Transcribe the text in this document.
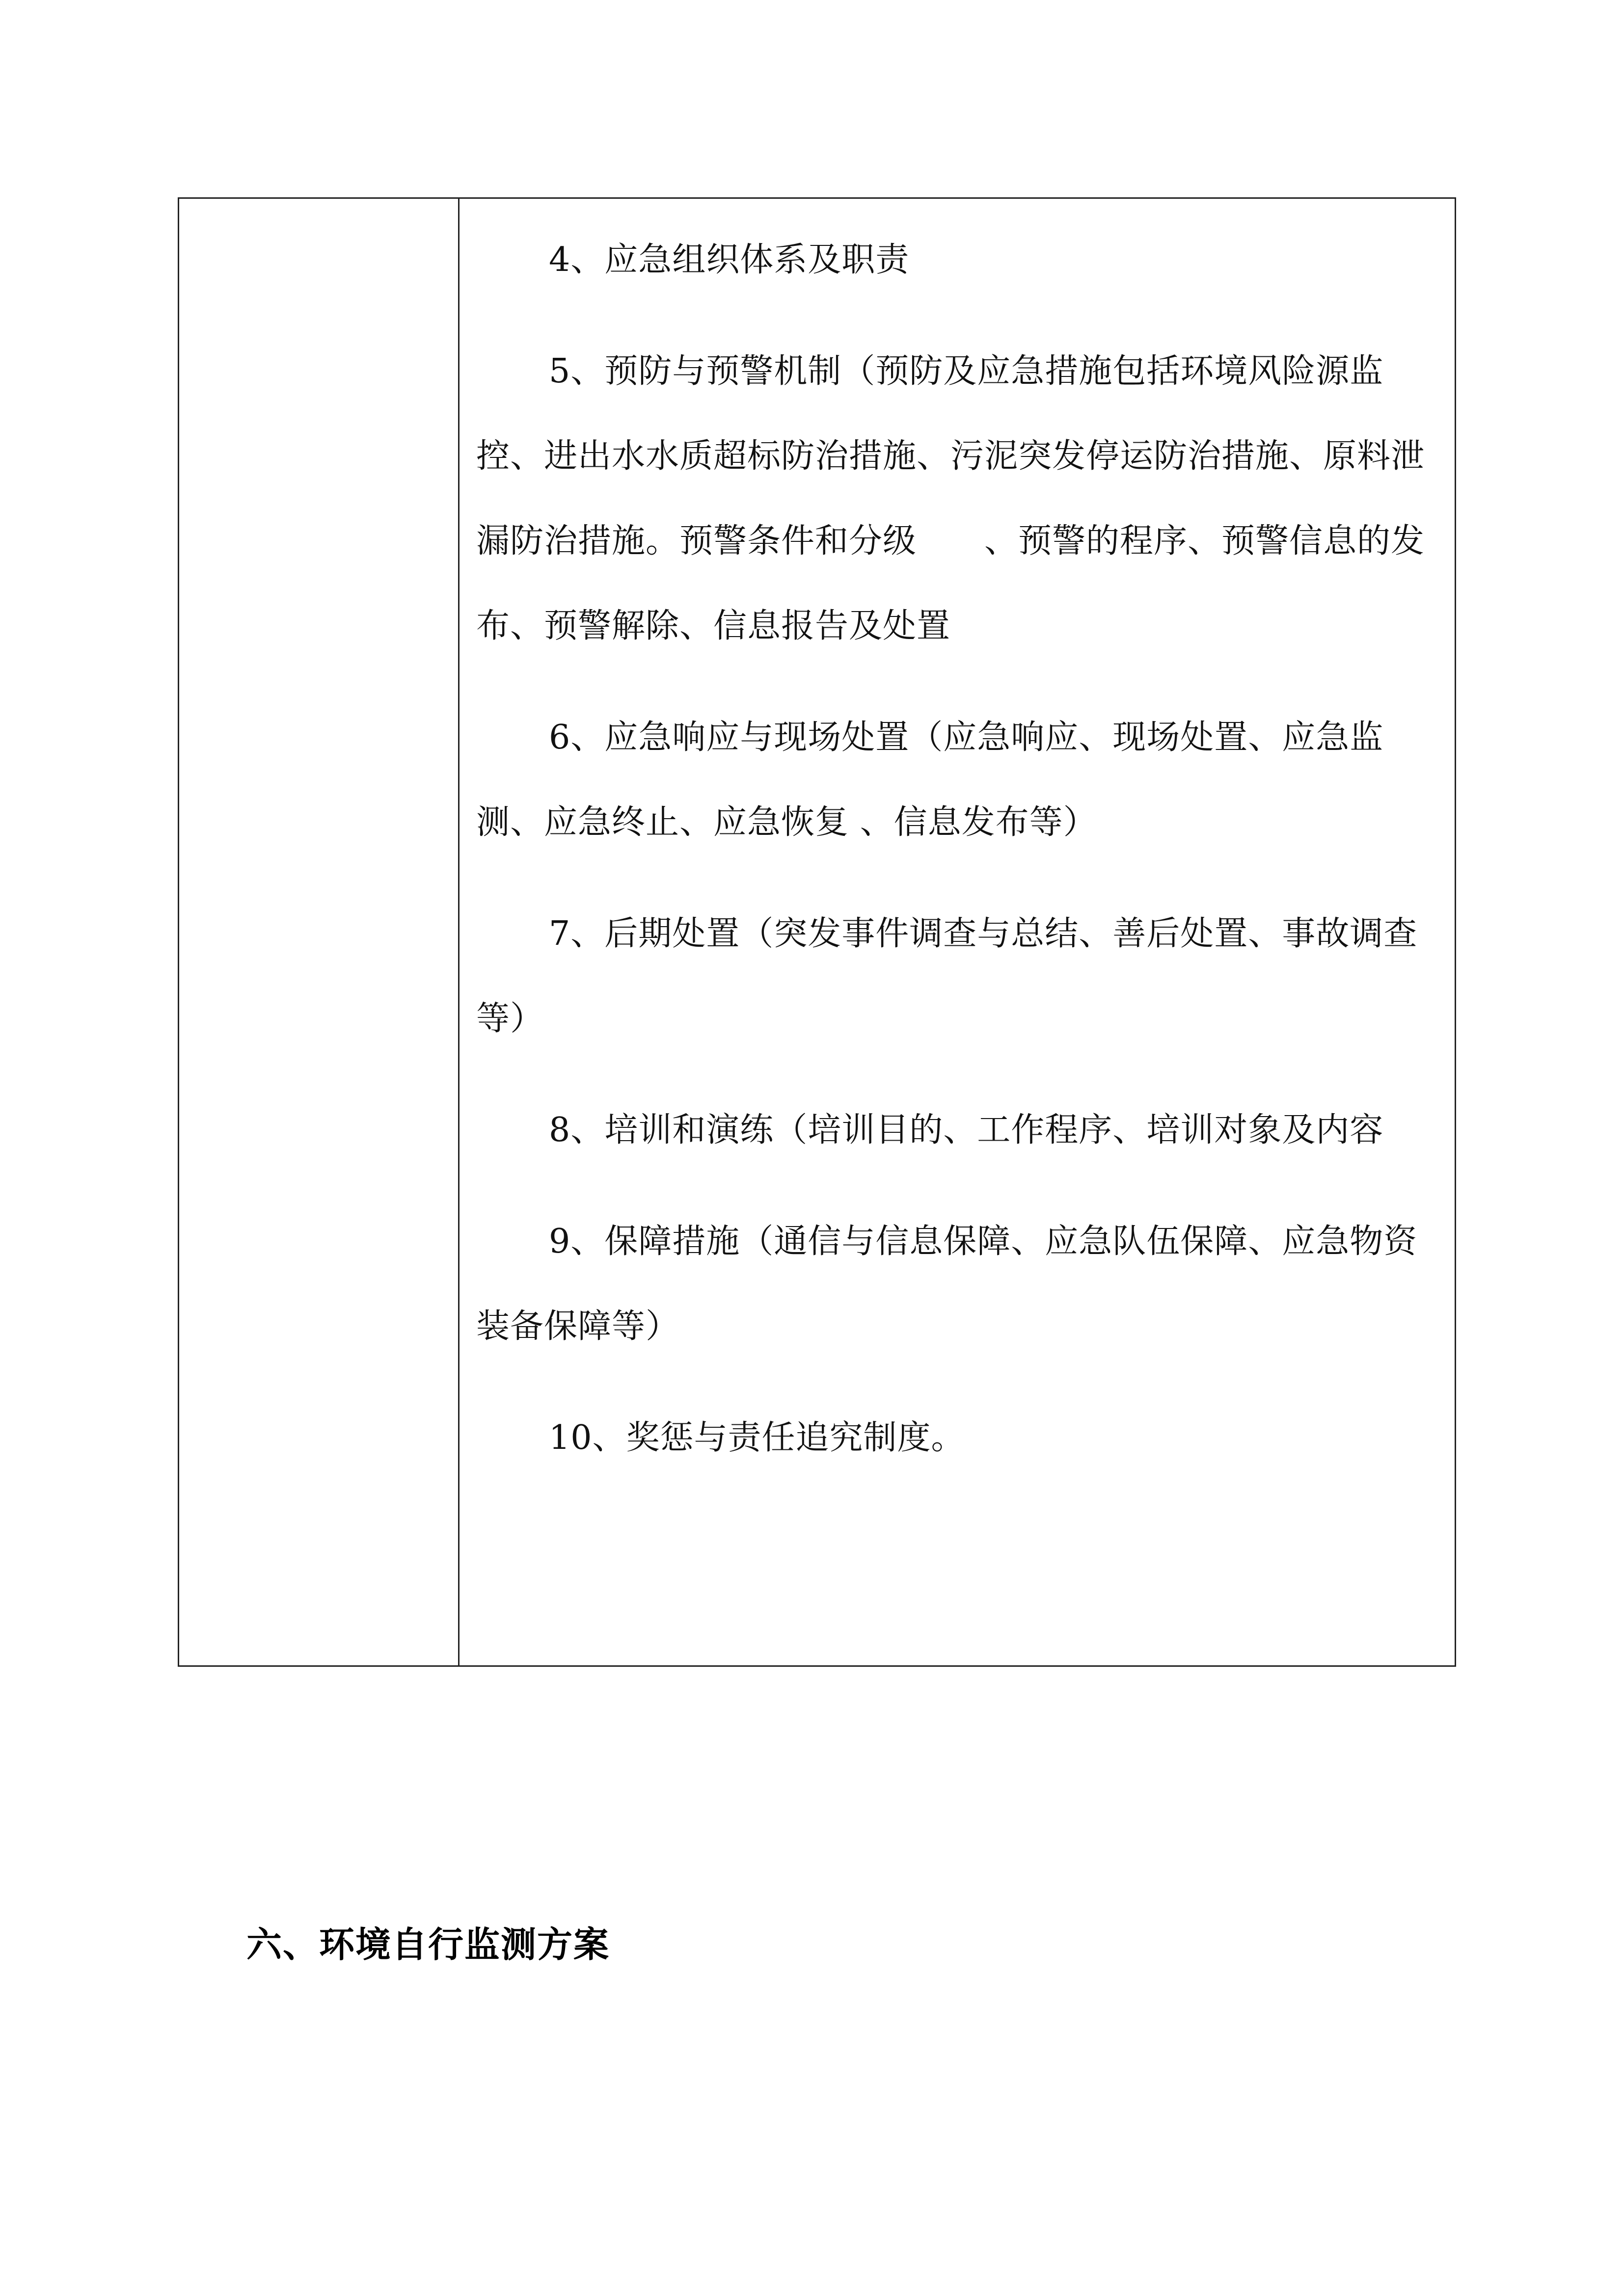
4、应急组织体系及职责

5、预防与预警机制（预防及应急措施包括环境风险源监控、进出水水质超标防治措施、污泥突发停运防治措施、原料泄漏防治措施。预警条件和分级　　、预警的程序、预警信息的发布、预警解除、信息报告及处置

6、应急响应与现场处置（应急响应、现场处置、应急监测、应急终止、应急恢复 、信息发布等）

7、后期处置（突发事件调查与总结、善后处置、事故调查等）

8、培训和演练（培训目的、工作程序、培训对象及内容

9、保障措施（通信与信息保障、应急队伍保障、应急物资装备保障等）

10、奖惩与责任追究制度。

六、环境自行监测方案
